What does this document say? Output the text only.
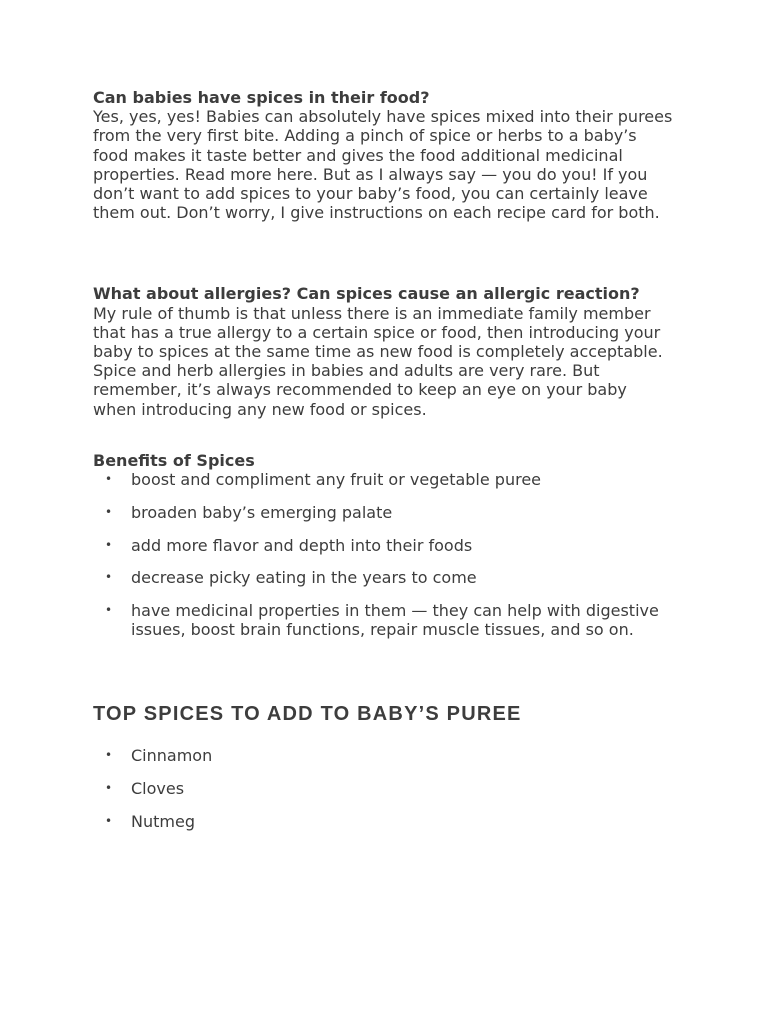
Can babies have spices in their food?

Yes, yes, yes! Babies can absolutely have spices mixed into their purees from the very first bite. Adding a pinch of spice or herbs to a baby’s food makes it taste better and gives the food additional medicinal properties. Read more here. But as I always say — you do you! If you don’t want to add spices to your baby’s food, you can certainly leave them out. Don’t worry, I give instructions on each recipe card for both.

What about allergies? Can spices cause an allergic reaction?

My rule of thumb is that unless there is an immediate family member that has a true allergy to a certain spice or food, then introducing your baby to spices at the same time as new food is completely acceptable. Spice and herb allergies in babies and adults are very rare. But remember, it’s always recommended to keep an eye on your baby when introducing any new food or spices.

Benefits of Spices

• boost and compliment any fruit or vegetable puree
• broaden baby’s emerging palate
• add more flavor and depth into their foods
• decrease picky eating in the years to come
• have medicinal properties in them — they can help with digestive issues, boost brain functions, repair muscle tissues, and so on.
TOP SPICES TO ADD TO BABY’S PUREE
• Cinnamon
• Cloves
• Nutmeg
